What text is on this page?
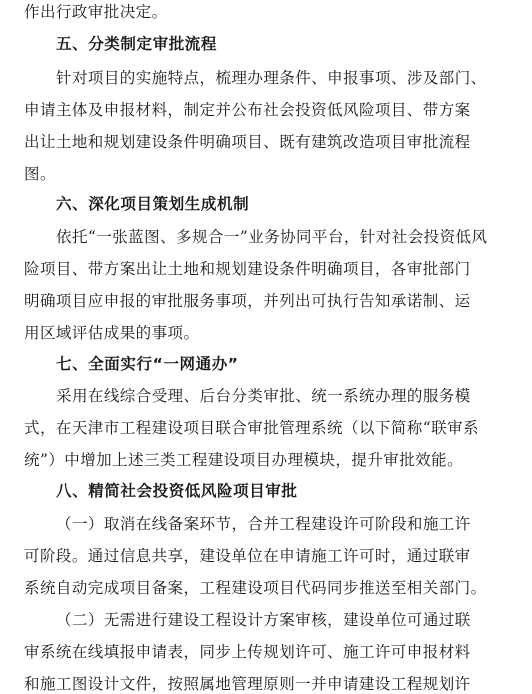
作出行政审批决定。
五、分类制定审批流程
针对项目的实施特点，梳理办理条件、申报事项、涉及部门、
申请主体及申报材料，制定并公布社会投资低风险项目、带方案
出让土地和规划建设条件明确项目、既有建筑改造项目审批流程
图。
六、深化项目策划生成机制
依托“一张蓝图、多规合一”业务协同平台，针对社会投资低风
险项目、带方案出让土地和规划建设条件明确项目，各审批部门
明确项目应申报的审批服务事项，并列出可执行告知承诺制、运
用区域评估成果的事项。
七、全面实行“一网通办”
采用在线综合受理、后台分类审批、统一系统办理的服务模
式，在天津市工程建设项目联合审批管理系统（以下简称“联审系
统”）中增加上述三类工程建设项目办理模块，提升审批效能。
八、精简社会投资低风险项目审批
（一）取消在线备案环节，合并工程建设许可阶段和施工许
可阶段。通过信息共享，建设单位在申请施工许可时，通过联审
系统自动完成项目备案，工程建设项目代码同步推送至相关部门。
（二）无需进行建设工程设计方案审核，建设单位可通过联
审系统在线填报申请表，同步上传规划许可、施工许可申报材料
和施工图设计文件，按照属地管理原则一并申请建设工程规划许
